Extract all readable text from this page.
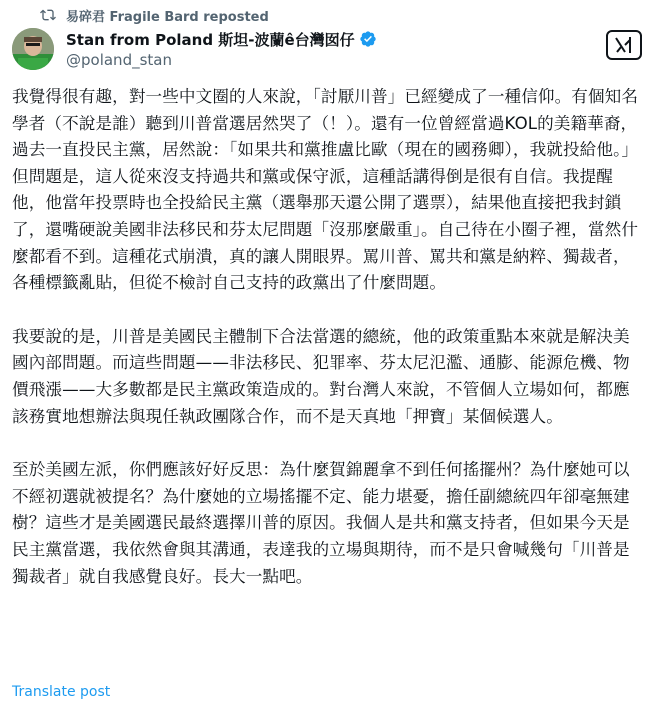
易碎君 Fragile Bard reposted
Stan from Poland 斯坦-波蘭ê台灣囡仔
@poland_stan

我覺得很有趣，對一些中文圈的人來說，「討厭川普」已經變成了一種信仰。有個知名學者（不說是誰）聽到川普當選居然哭了（！）。還有一位曾經當過KOL的美籍華裔，過去一直投民主黨，居然說：「如果共和黨推盧比歐（現在的國務卿），我就投給他。」但問題是，這人從來沒支持過共和黨或保守派，這種話講得倒是很有自信。我提醒他，他當年投票時也全投給民主黨（選舉那天還公開了選票），結果他直接把我封鎖了，還嘴硬說美國非法移民和芬太尼問題「沒那麼嚴重」。自己待在小圈子裡，當然什麼都看不到。這種花式崩潰，真的讓人開眼界。罵川普、罵共和黨是納粹、獨裁者，各種標籤亂貼，但從不檢討自己支持的政黨出了什麼問題。

我要說的是，川普是美國民主體制下合法當選的總統，他的政策重點本來就是解決美國內部問題。而這些問題——非法移民、犯罪率、芬太尼氾濫、通膨、能源危機、物價飛漲——大多數都是民主黨政策造成的。對台灣人來說，不管個人立場如何，都應該務實地想辦法與現任執政團隊合作，而不是天真地「押寶」某個候選人。

至於美國左派，你們應該好好反思：為什麼賀錦麗拿不到任何搖擺州？為什麼她可以不經初選就被提名？為什麼她的立場搖擺不定、能力堪憂，擔任副總統四年卻毫無建樹？這些才是美國選民最終選擇川普的原因。我個人是共和黨支持者，但如果今天是民主黨當選，我依然會與其溝通，表達我的立場與期待，而不是只會喊幾句「川普是獨裁者」就自我感覺良好。長大一點吧。

Translate post
